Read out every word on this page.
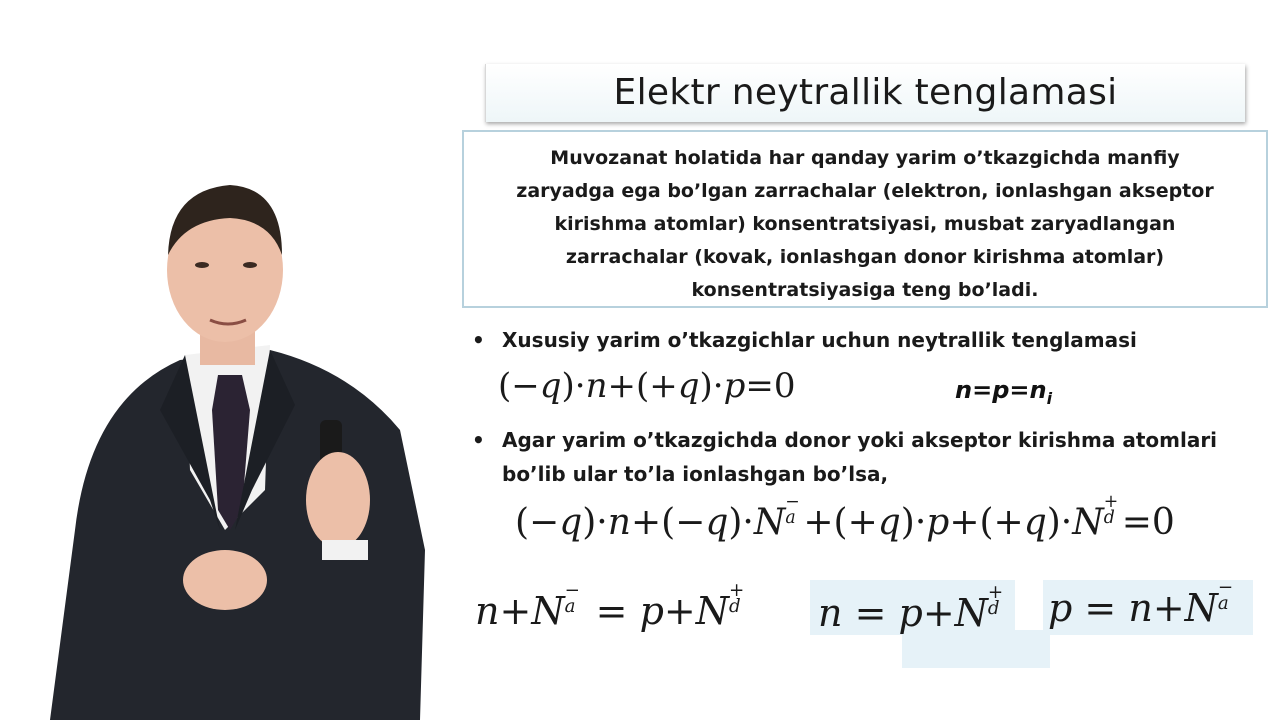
Elektr neytrallik tenglamasi
Muvozanat holatida har qanday yarim o’tkazgichda manfiy
zaryadga ega bo’lgan zarrachalar (elektron, ionlashgan akseptor
kirishma atomlar) konsentratsiyasi, musbat zaryadlangan
zarrachalar (kovak, ionlashgan donor kirishma atomlar)
konsentratsiyasiga teng bo’ladi.
• Xususiy yarim o’tkazgichlar uchun neytrallik tenglamasi
(−q)·n+(+q)·p=0	$n=p=n_i$
• Agar yarim o’tkazgichda donor yoki akseptor kirishma atomlari
bo’lib ular to’la ionlashgan bo’lsa,
(−q)·n+(−q)·N
−
a +(+q)·p+(+q)·N
+
d =0
n+N −
a = p+N +
d n = p+N +
d p = n+N −
a
